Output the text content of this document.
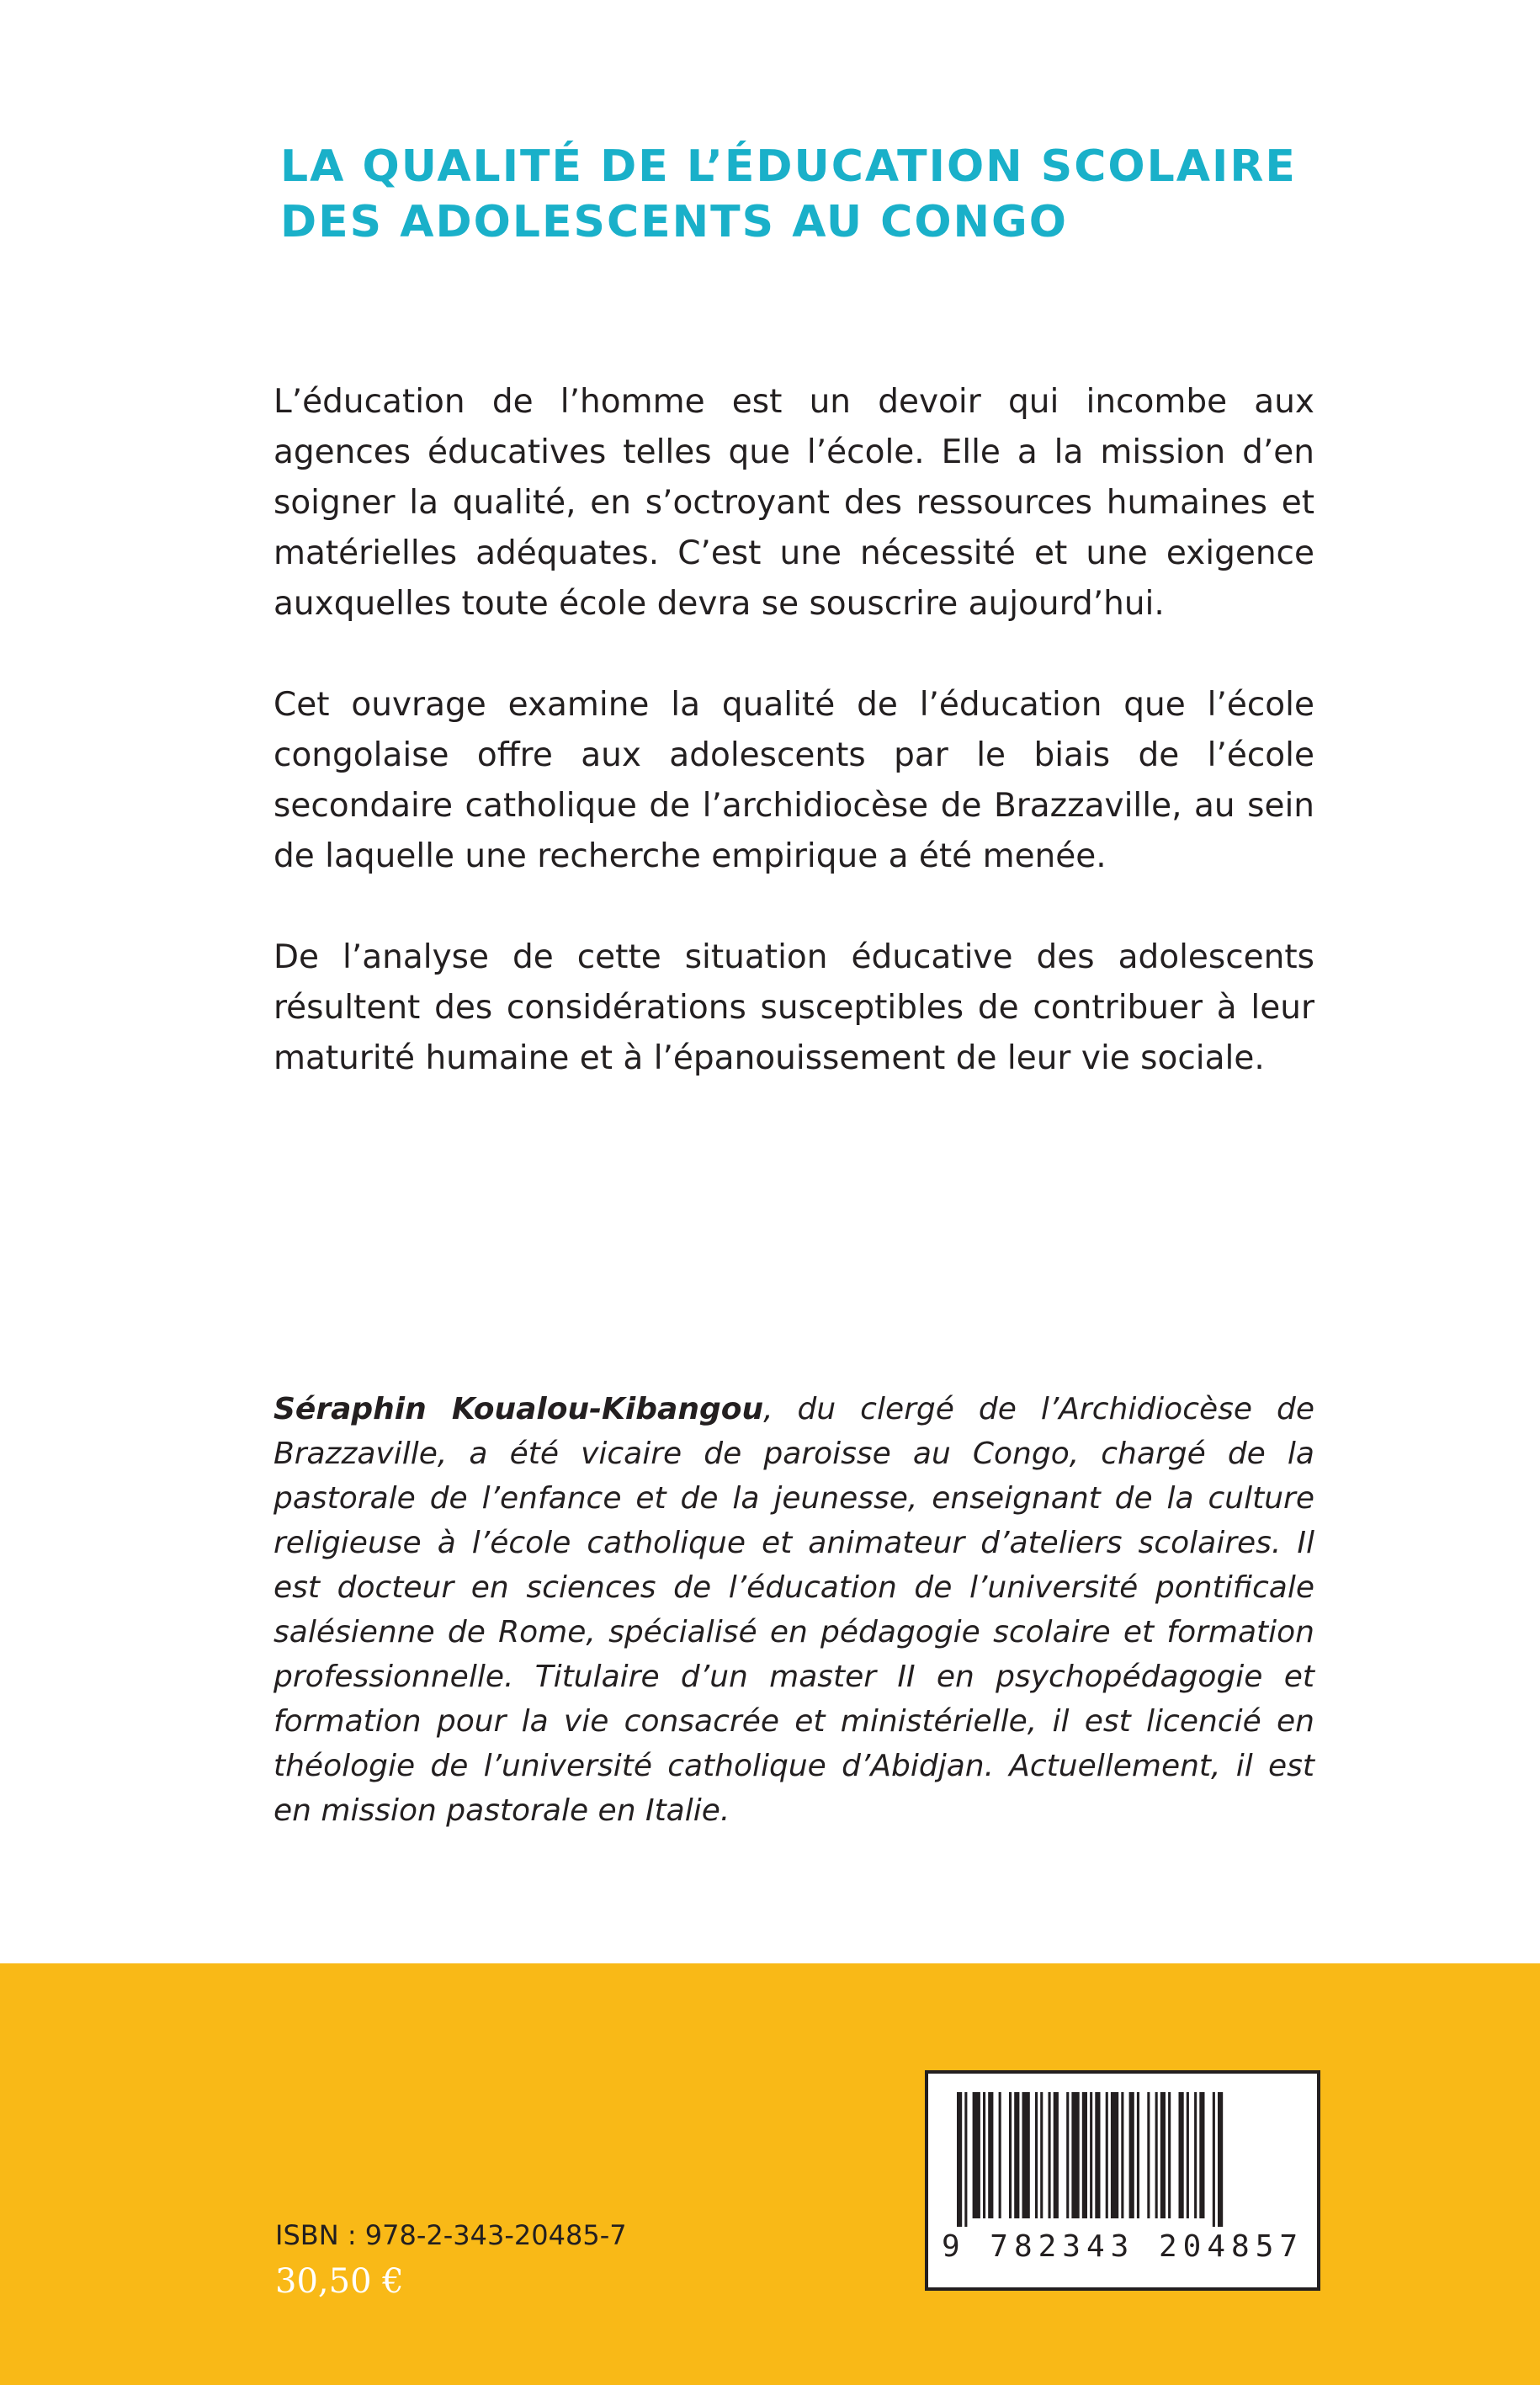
LA QUALITÉ DE L’ÉDUCATION SCOLAIRE
DES ADOLESCENTS AU CONGO

L’éducation de l’homme est un devoir qui incombe aux agences éducatives telles que l’école. Elle a la mission d’en soigner la qualité, en s’octroyant des ressources humaines et matérielles adéquates. C’est une nécessité et une exigence auxquelles toute école devra se souscrire aujourd’hui.

Cet ouvrage examine la qualité de l’éducation que l’école congolaise offre aux adolescents par le biais de l’école secondaire catholique de l’archidiocèse de Brazzaville, au sein de laquelle une recherche empirique a été menée.

De l’analyse de cette situation éducative des adolescents résultent des considérations susceptibles de contribuer à leur maturité humaine et à l’épanouissement de leur vie sociale.

Séraphin Koualou-Kibangou, du clergé de l’Archidiocèse de Brazzaville, a été vicaire de paroisse au Congo, chargé de la pastorale de l’enfance et de la jeunesse, enseignant de la culture religieuse à l’école catholique et animateur d’ateliers scolaires. Il est docteur en sciences de l’éducation de l’université pontificale salésienne de Rome, spécialisé en pédagogie scolaire et formation professionnelle. Titulaire d’un master II en psychopédagogie et formation pour la vie consacrée et ministérielle, il est licencié en théologie de l’université catholique d’Abidjan. Actuellement, il est en mission pastorale en Italie.

ISBN : 978-2-343-20485-7
30,50 €
9 782343 204857
